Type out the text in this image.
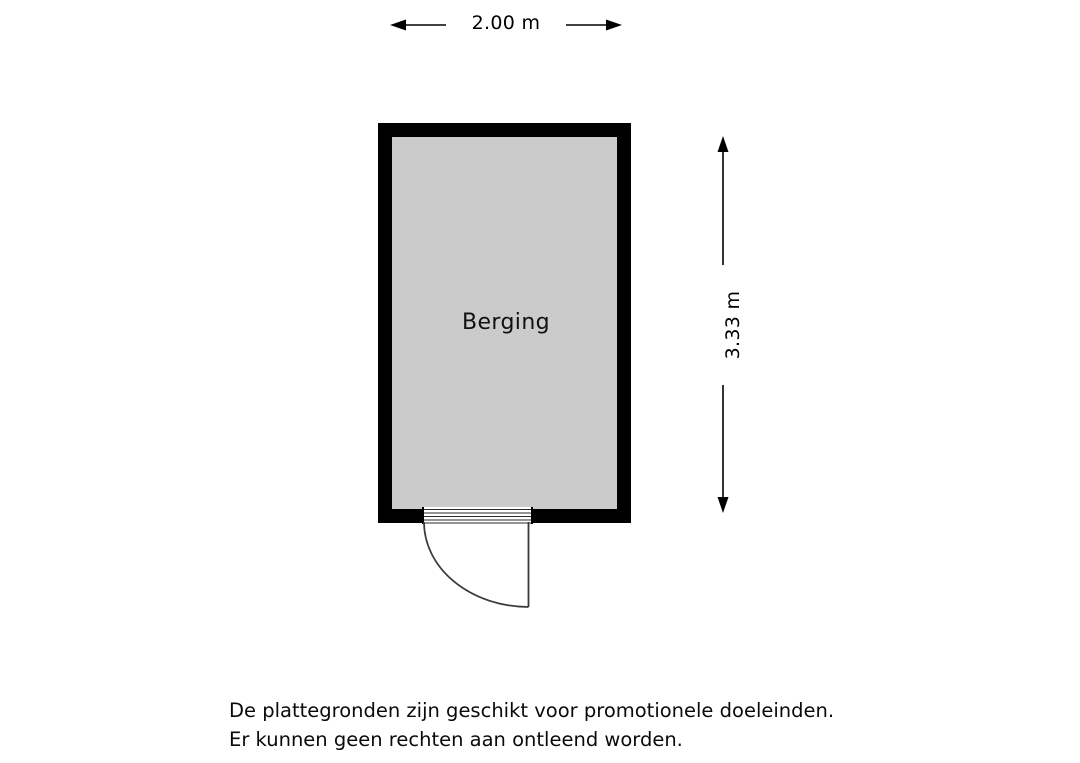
Berging
2.00 m
3.33 m
De plattegronden zijn geschikt voor promotionele doeleinden.
Er kunnen geen rechten aan ontleend worden.
